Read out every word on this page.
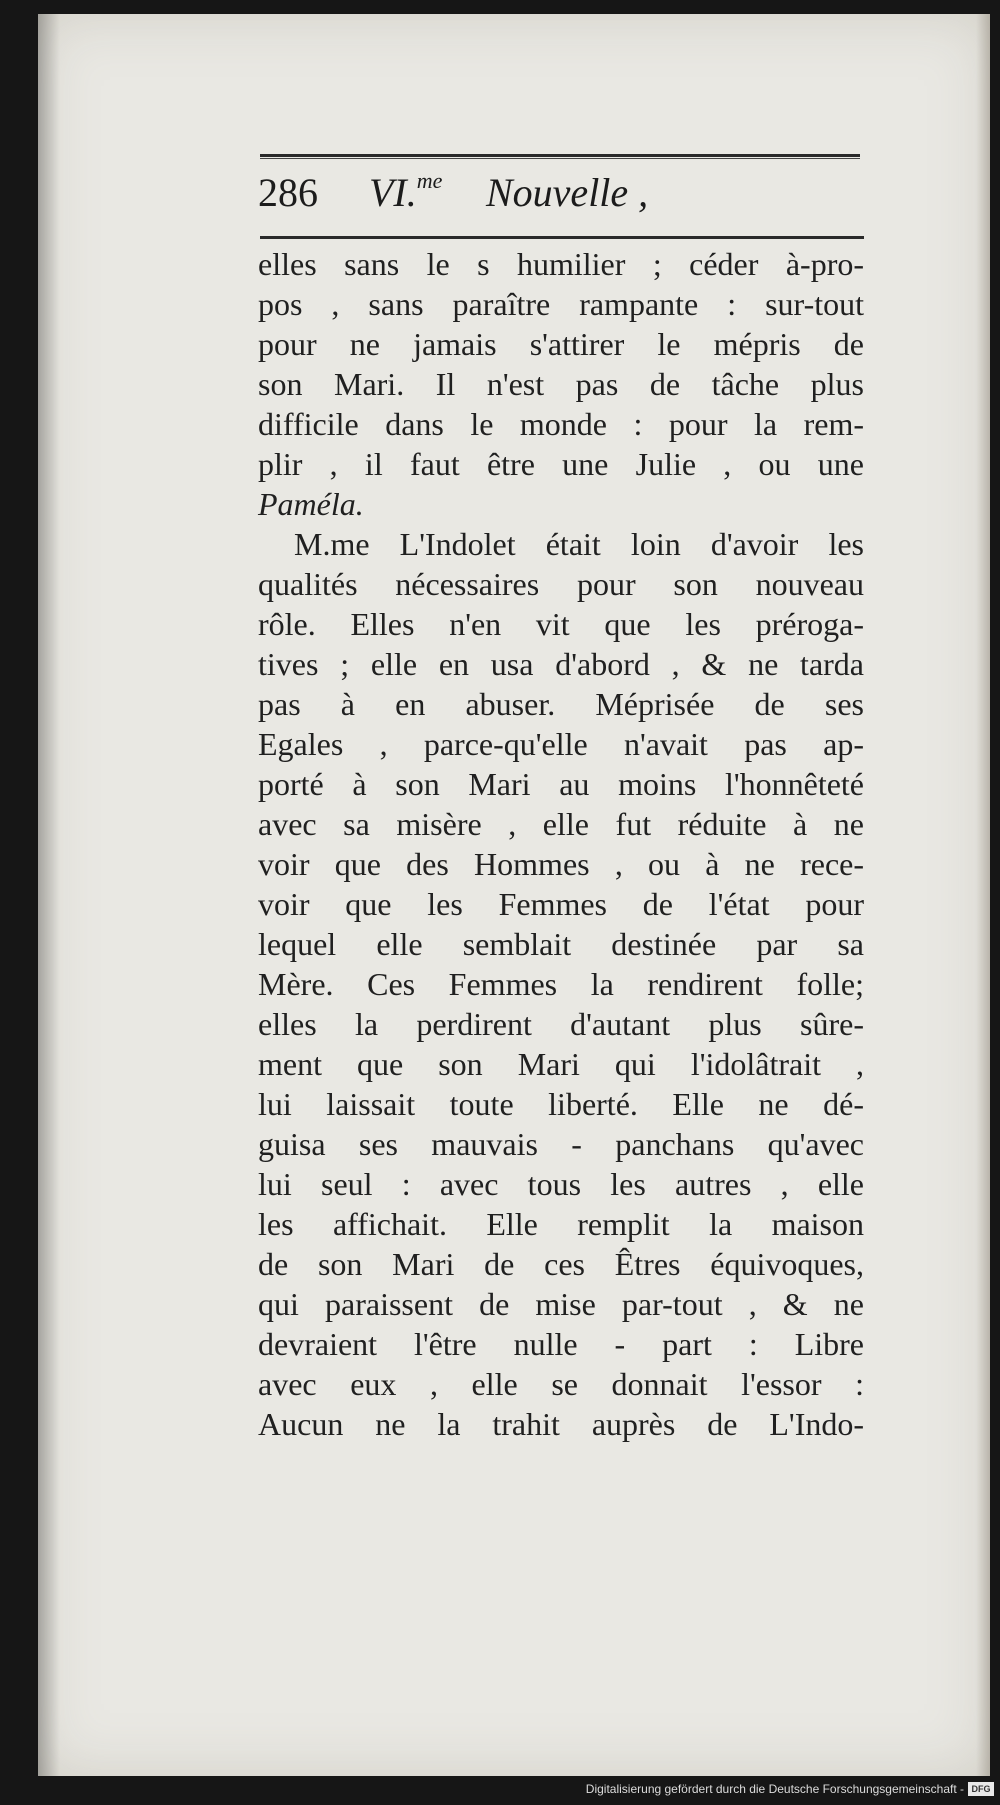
286 VI.$^{me}$ Nouvelle ,
elles sans le s humilier ; céder à-pro-
pos , sans paraître rampante : sur-tout
pour ne jamais s'attirer le mépris de
son Mari. Il n'est pas de tâche plus
difficile dans le monde : pour la rem-
plir , il faut être une Julie , ou une
Paméla.
M.me L'Indolet était loin d'avoir les
qualités nécessaires pour son nouveau
rôle. Elles n'en vit que les préroga-
tives ; elle en usa d'abord , & ne tarda
pas à en abuser. Méprisée de ses
Egales , parce-qu'elle n'avait pas ap-
porté à son Mari au moins l'honnêteté
avec sa misère , elle fut réduite à ne
voir que des Hommes , ou à ne rece-
voir que les Femmes de l'état pour
lequel elle semblait destinée par sa
Mère. Ces Femmes la rendirent folle;
elles la perdirent d'autant plus sûre-
ment que son Mari qui l'idolâtrait ,
lui laissait toute liberté. Elle ne dé-
guisa ses mauvais - panchans qu'avec
lui seul : avec tous les autres , elle
les affichait. Elle remplit la maison
de son Mari de ces Êtres équivoques,
qui paraissent de mise par-tout , & ne
devraient l'être nulle - part : Libre
avec eux , elle se donnait l'essor :
Aucun ne la trahit auprès de L'Indo-
Digitalisierung gefördert durch die Deutsche Forschungsgemeinschaft - DFG
